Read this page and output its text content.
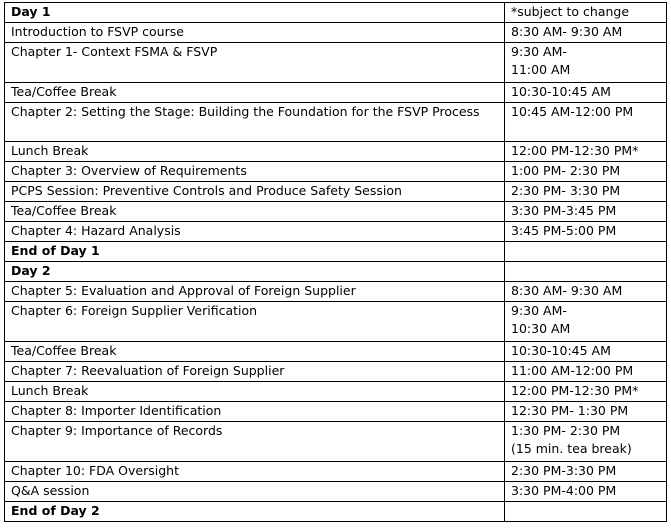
Day 1	*subject to change

Introduction to FSVP course	8:30 AM- 9:30 AM

Chapter 1- Context FSMA & FSVP	9:30 AM-
11:00 AM

Tea/Coffee Break	10:30-10:45 AM

Chapter 2: Setting the Stage: Building the Foundation for the FSVP Process	10:45 AM-12:00 PM

Lunch Break	12:00 PM-12:30 PM*

Chapter 3: Overview of Requirements	1:00 PM- 2:30 PM

PCPS Session: Preventive Controls and Produce Safety Session	2:30 PM- 3:30 PM

Tea/Coffee Break	3:30 PM-3:45 PM

Chapter 4: Hazard Analysis	3:45 PM-5:00 PM

End of Day 1	
Day 2	
Chapter 5: Evaluation and Approval of Foreign Supplier	8:30 AM- 9:30 AM

Chapter 6: Foreign Supplier Verification	9:30 AM-
10:30 AM

Tea/Coffee Break	10:30-10:45 AM

Chapter 7: Reevaluation of Foreign Supplier	11:00 AM-12:00 PM

Lunch Break	12:00 PM-12:30 PM*

Chapter 8: Importer Identification	12:30 PM- 1:30 PM

Chapter 9: Importance of Records	1:30 PM- 2:30 PM
(15 min. tea break)

Chapter 10: FDA Oversight	2:30 PM-3:30 PM

Q&A session	3:30 PM-4:00 PM

End of Day 2	
